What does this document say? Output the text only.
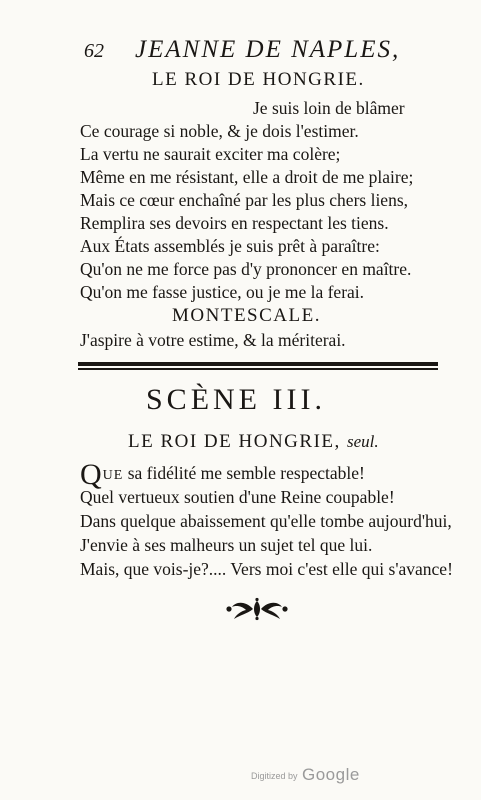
62 JEANNE DE NAPLES,
LE ROI DE HONGRIE.
Je suis loin de blâmer
Ce courage si noble, & je dois l'estimer.
La vertu ne saurait exciter ma colère;
Même en me résistant, elle a droit de me plaire;
Mais ce cœur enchaîné par les plus chers liens,
Remplira ses devoirs en respectant les tiens.
Aux États assemblés je suis prêt à paraître:
Qu'on ne me force pas d'y prononcer en maître.
Qu'on me fasse justice, ou je me la ferai.
MONTESCALE.
J'aspire à votre estime, & la mériterai.
SCÈNE III.
LE ROI DE HONGRIE, seul.
QUE sa fidélité me semble respectable!
Quel vertueux soutien d'une Reine coupable!
Dans quelque abaissement qu'elle tombe aujourd'hui,
J'envie à ses malheurs un sujet tel que lui.
Mais, que vois-je?.... Vers moi c'est elle qui s'avance!
Digitized by Google
